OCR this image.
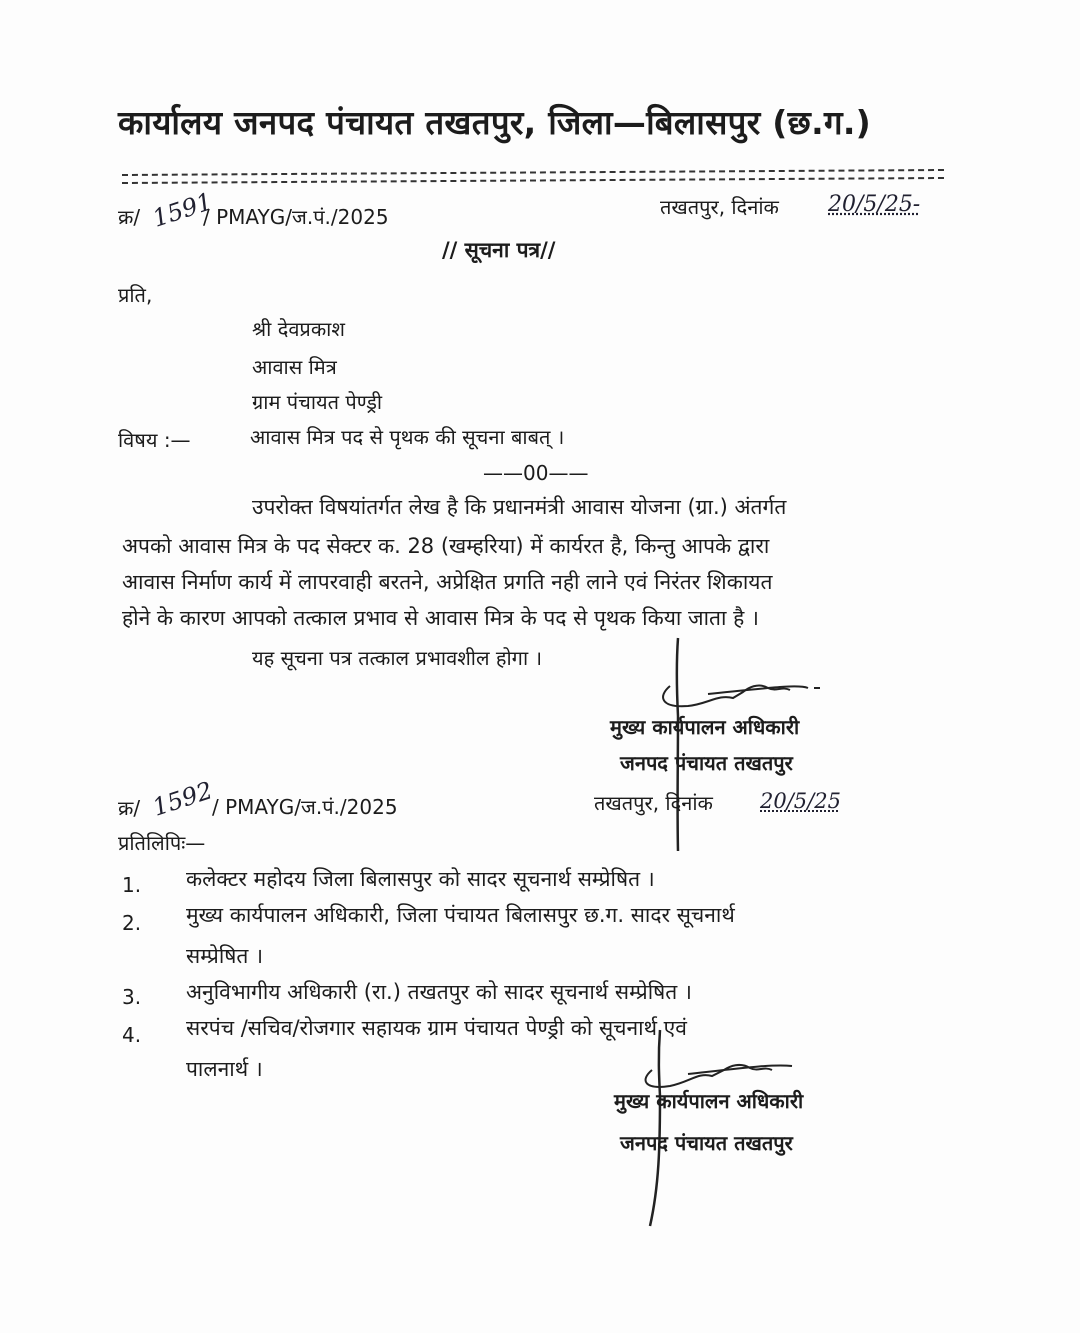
कार्यालय जनपद पंचायत तखतपुर, जिला—बिलासपुर (छ.ग.)
क्र/ 1591
/ PMAYG/ज.पं./2025	तखतपुर, दिनांक 20/5/25-
// सूचना पत्र//
प्रति,
श्री देवप्रकाश
आवास मित्र
ग्राम पंचायत पेण्ड्री
विषय :—	आवास मित्र पद से पृथक की सूचना बाबत् ।
——00——
उपरोक्त विषयांतर्गत लेख है कि प्रधानमंत्री आवास योजना (ग्रा.) अंतर्गत
अपको आवास मित्र के पद सेक्टर क. 28 (खम्हरिया) में कार्यरत है, किन्तु आपके द्वारा
आवास निर्माण कार्य में लापरवाही बरतने, अप्रेक्षित प्रगति नही लाने एवं निरंतर शिकायत
होने के कारण आपको तत्काल प्रभाव से आवास मित्र के पद से पृथक किया जाता है ।
यह सूचना पत्र तत्काल प्रभावशील होगा ।
मुख्य कार्यपालन अधिकारी
जनपद पंचायत तखतपुर
क्र/ 1592
/ PMAYG/ज.पं./2025	तखतपुर, दिनांक 20/5/25
प्रतिलिपिः—
1. कलेक्टर महोदय जिला बिलासपुर को सादर सूचनार्थ सम्प्रेषित ।
2. मुख्य कार्यपालन अधिकारी, जिला पंचायत बिलासपुर छ.ग. सादर सूचनार्थ
सम्प्रेषित ।
3. अनुविभागीय अधिकारी (रा.) तखतपुर को सादर सूचनार्थ सम्प्रेषित ।
4. सरपंच /सचिव/रोजगार सहायक ग्राम पंचायत पेण्ड्री को सूचनार्थ एवं
पालनार्थ ।
मुख्य कार्यपालन अधिकारी
जनपद पंचायत तखतपुर
